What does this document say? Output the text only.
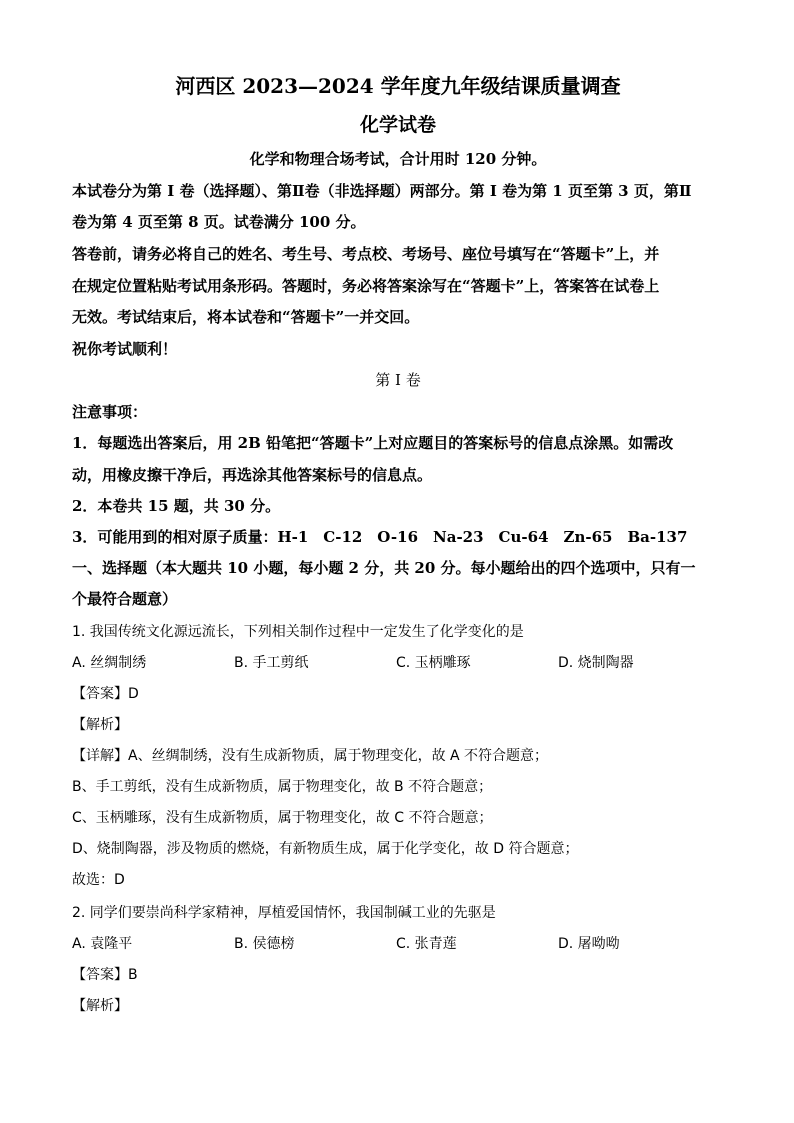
河西区 2023—2024 学年度九年级结课质量调查
化学试卷
化学和物理合场考试，合计用时 120 分钟。
本试卷分为第 I 卷（选择题）、第Ⅱ卷（非选择题）两部分。第 I 卷为第 1 页至第 3 页，第Ⅱ
卷为第 4 页至第 8 页。试卷满分 100 分。
答卷前，请务必将自己的姓名、考生号、考点校、考场号、座位号填写在“答题卡”上，并
在规定位置粘贴考试用条形码。答题时，务必将答案涂写在“答题卡”上，答案答在试卷上
无效。考试结束后，将本试卷和“答题卡”一并交回。
祝你考试顺利！
第 I 卷
注意事项：
1．每题选出答案后，用 2B 铅笔把“答题卡”上对应题目的答案标号的信息点涂黑。如需改
动，用橡皮擦干净后，再选涂其他答案标号的信息点。
2．本卷共 15 题，共 30 分。
3．可能用到的相对原子质量：H-1　C-12　O-16　Na-23　Cu-64　Zn-65　Ba-137
一、选择题（本大题共 10 小题，每小题 2 分，共 20 分。每小题给出的四个选项中，只有一
个最符合题意）
1. 我国传统文化源远流长，下列相关制作过程中一定发生了化学变化的是
A. 丝绸制绣	B. 手工剪纸	C. 玉柄雕琢	D. 烧制陶器
【答案】D
【解析】
【详解】A、丝绸制绣，没有生成新物质，属于物理变化，故 A 不符合题意；
B、手工剪纸，没有生成新物质，属于物理变化，故 B 不符合题意；
C、玉柄雕琢，没有生成新物质，属于物理变化，故 C 不符合题意；
D、烧制陶器，涉及物质的燃烧，有新物质生成，属于化学变化，故 D 符合题意；
故选：D
2. 同学们要崇尚科学家精神，厚植爱国情怀，我国制碱工业的先驱是
A. 袁隆平	B. 侯德榜	C. 张青莲	D. 屠呦呦
【答案】B
【解析】
